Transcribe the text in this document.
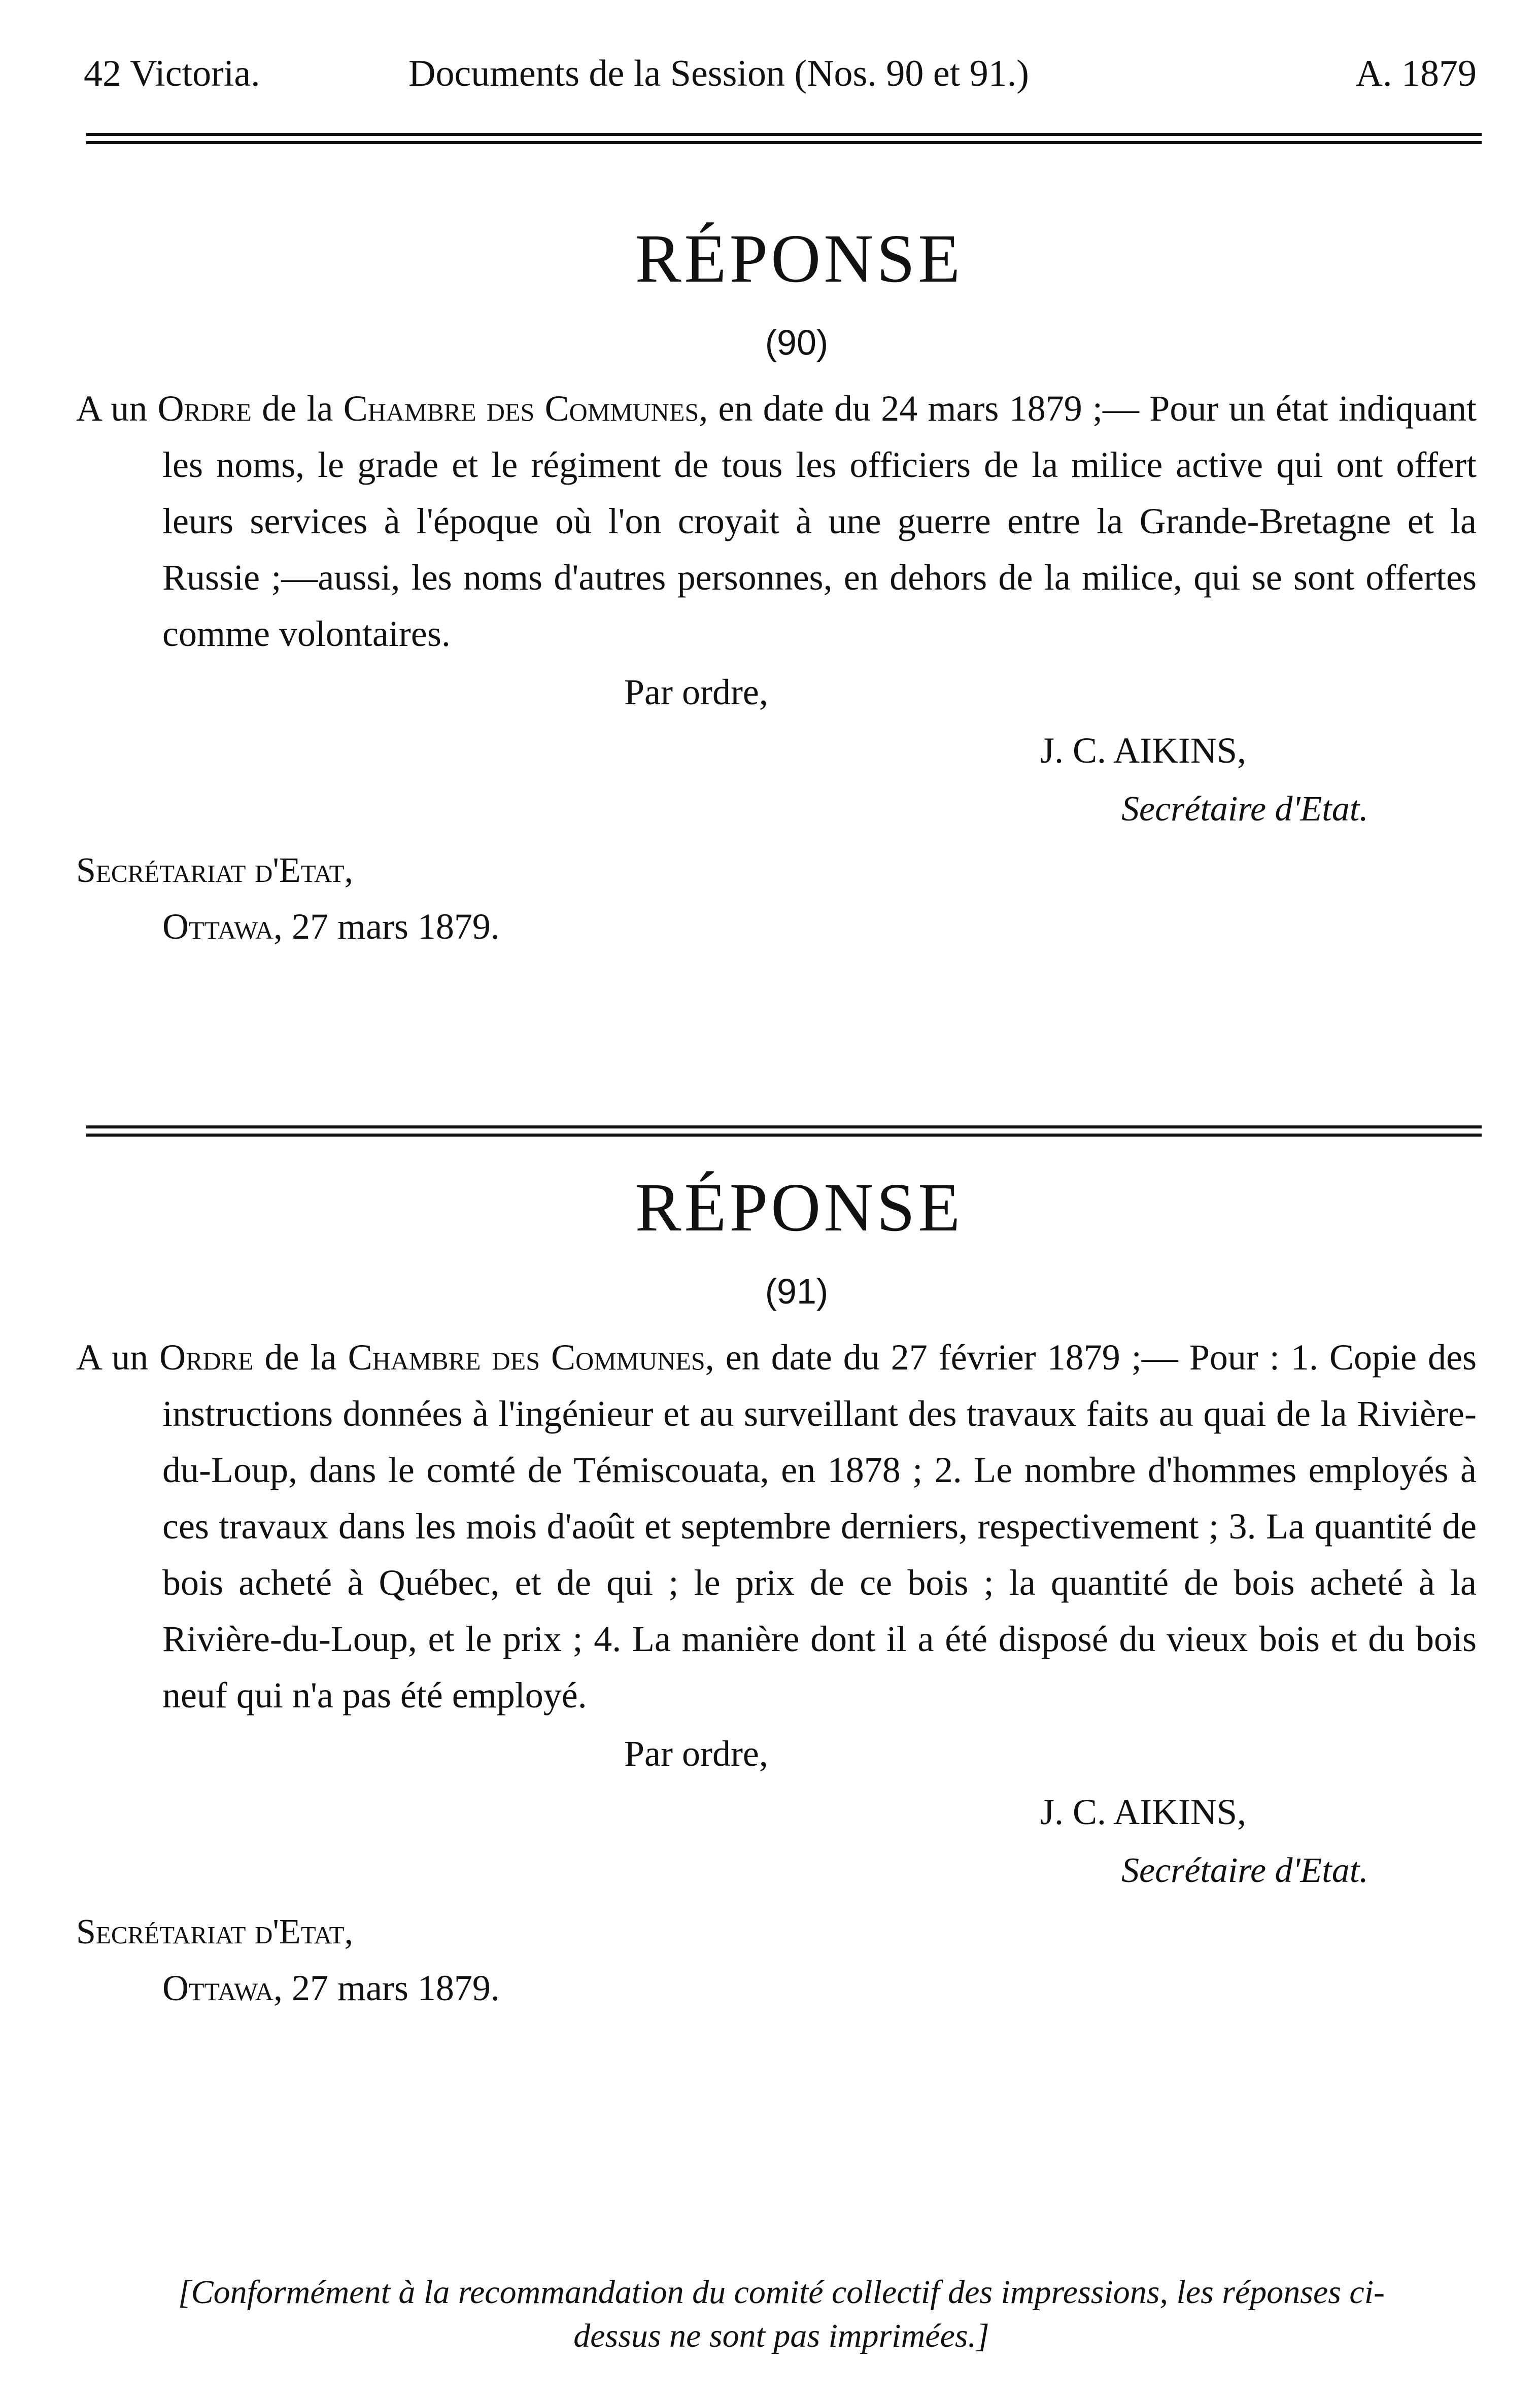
42 Victoria.	Documents de la Session (Nos. 90 et 91.)	A. 1879
RÉPONSE
(90)
A un Ordre de la Chambre des Communes, en date du 24 mars 1879 ;— Pour un état indiquant les noms, le grade et le régiment de tous les officiers de la milice active qui ont offert leurs services à l'époque où l'on croyait à une guerre entre la Grande-Bretagne et la Russie ;—aussi, les noms d'autres personnes, en dehors de la milice, qui se sont offertes comme volontaires.
Par ordre,
J. C. AIKINS,
Secrétaire d'Etat.
Secrétariat d'Etat,
Ottawa, 27 mars 1879.
RÉPONSE
(91)
A un Ordre de la Chambre des Communes, en date du 27 février 1879 ;— Pour : 1. Copie des instructions données à l'ingénieur et au surveillant des travaux faits au quai de la Rivière-du-Loup, dans le comté de Témiscouata, en 1878 ; 2. Le nombre d'hommes employés à ces travaux dans les mois d'août et septembre derniers, respectivement ; 3. La quantité de bois acheté à Québec, et de qui ; le prix de ce bois ; la quantité de bois acheté à la Rivière-du-Loup, et le prix ; 4. La manière dont il a été disposé du vieux bois et du bois neuf qui n'a pas été employé.
Par ordre,
J. C. AIKINS,
Secrétaire d'Etat.
Secrétariat d'Etat,
Ottawa, 27 mars 1879.
[Conformément à la recommandation du comité collectif des impressions, les réponses ci-dessus ne sont pas imprimées.]
